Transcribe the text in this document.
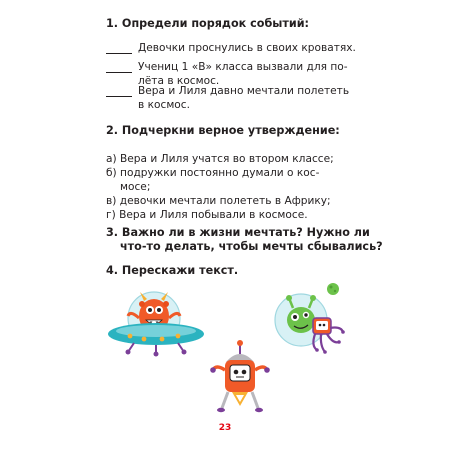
1. Определи порядок событий:
Девочки проснулись в своих кроватях.
Учениц 1 «В» класса вызвали для по-
лёта в космос.
Вера и Лиля давно мечтали полететь
в космос.
2. Подчеркни верное утверждение:
а) Вера и Лиля учатся во втором классе;
б) подружки постоянно думали о кос-
мосе;
в) девочки мечтали полететь в Африку;
г) Вера и Лиля побывали в космосе.
3. Важно ли в жизни мечтать? Нужно ли
что-то делать, чтобы мечты сбывались?
4. Перескажи текст.
23
